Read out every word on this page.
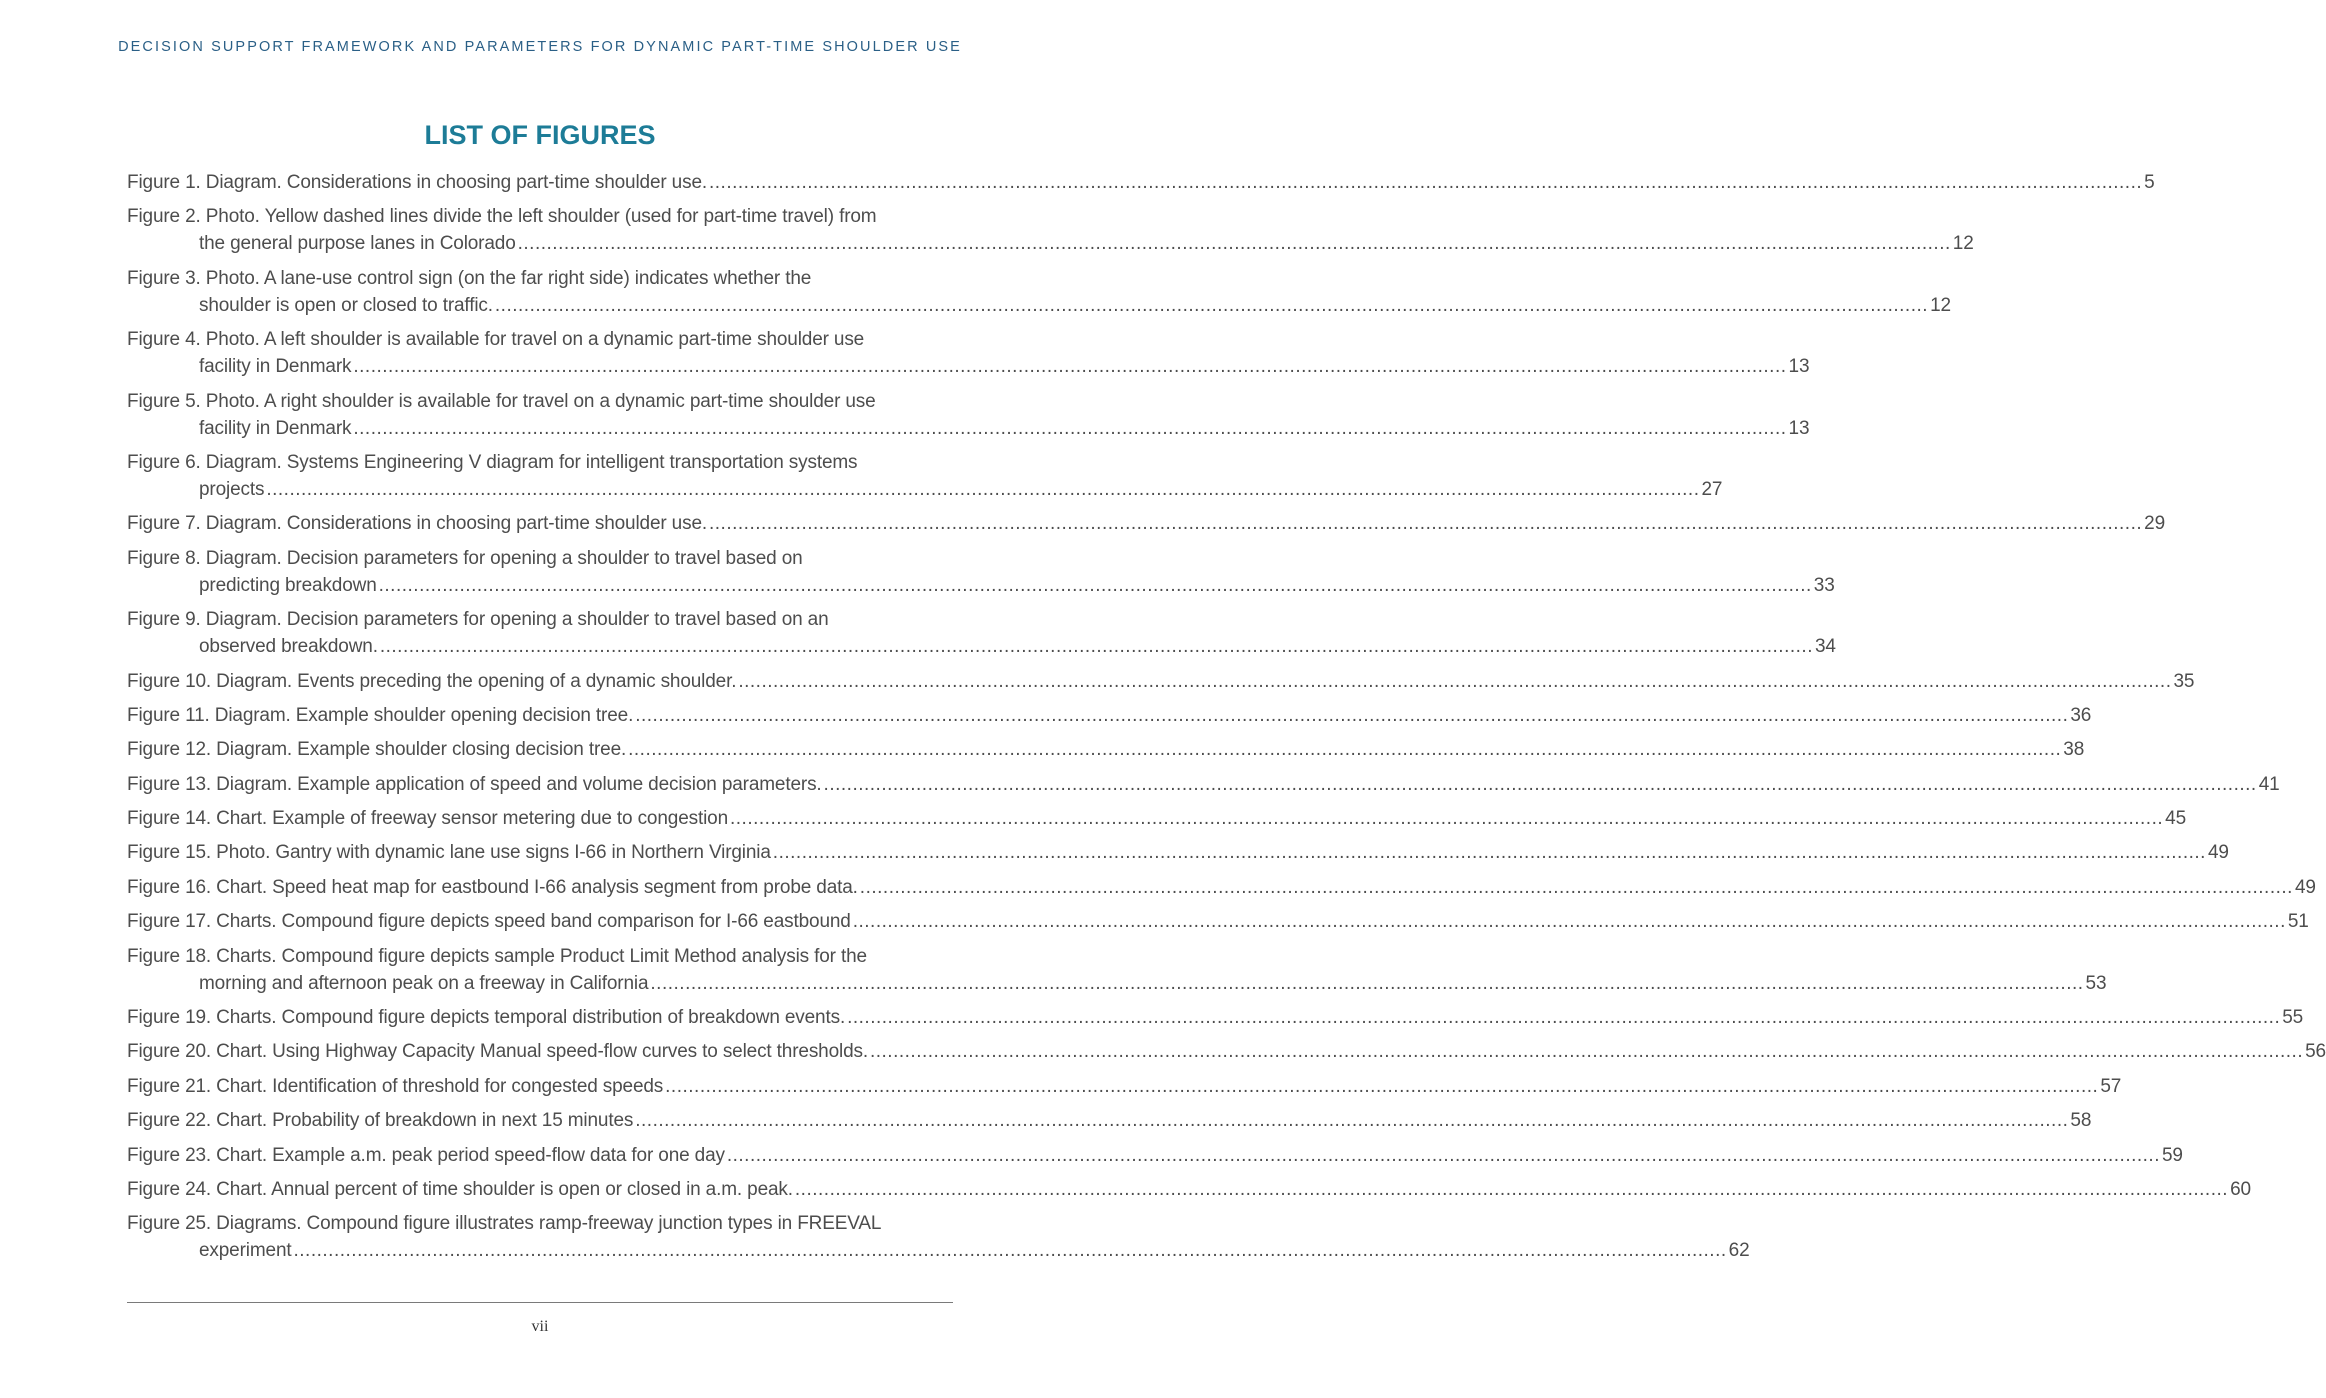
DECISION SUPPORT FRAMEWORK AND PARAMETERS FOR DYNAMIC PART-TIME SHOULDER USE
LIST OF FIGURES
Figure 1. Diagram. Considerations in choosing part-time shoulder use. .....	5
Figure 2. Photo. Yellow dashed lines divide the left shoulder (used for part-time travel) from
the general purpose lanes in Colorado .....	12
Figure 3. Photo. A lane-use control sign (on the far right side) indicates whether the
shoulder is open or closed to traffic. .....	12
Figure 4. Photo. A left shoulder is available for travel on a dynamic part-time shoulder use
facility in Denmark .....	13
Figure 5. Photo. A right shoulder is available for travel on a dynamic part-time shoulder use
facility in Denmark .....	13
Figure 6. Diagram. Systems Engineering V diagram for intelligent transportation systems
projects .....	27
Figure 7. Diagram. Considerations in choosing part-time shoulder use. .....	29
Figure 8. Diagram. Decision parameters for opening a shoulder to travel based on
predicting breakdown .....	33
Figure 9. Diagram. Decision parameters for opening a shoulder to travel based on an
observed breakdown. .....	34
Figure 10. Diagram. Events preceding the opening of a dynamic shoulder. .....	35
Figure 11. Diagram. Example shoulder opening decision tree. .....	36
Figure 12. Diagram. Example shoulder closing decision tree. .....	38
Figure 13. Diagram. Example application of speed and volume decision parameters. .....	41
Figure 14. Chart. Example of freeway sensor metering due to congestion .....	45
Figure 15. Photo. Gantry with dynamic lane use signs I-66 in Northern Virginia .....	49
Figure 16. Chart. Speed heat map for eastbound I-66 analysis segment from probe data. .....	49
Figure 17. Charts. Compound figure depicts speed band comparison for I-66 eastbound .....	51
Figure 18. Charts. Compound figure depicts sample Product Limit Method analysis for the
morning and afternoon peak on a freeway in California .....	53
Figure 19. Charts. Compound figure depicts temporal distribution of breakdown events. .....	55
Figure 20. Chart. Using Highway Capacity Manual speed-flow curves to select thresholds. .....	56
Figure 21. Chart. Identification of threshold for congested speeds .....	57
Figure 22. Chart. Probability of breakdown in next 15 minutes .....	58
Figure 23. Chart. Example a.m. peak period speed-flow data for one day .....	59
Figure 24. Chart. Annual percent of time shoulder is open or closed in a.m. peak. .....	60
Figure 25. Diagrams. Compound figure illustrates ramp-freeway junction types in FREEVAL
experiment .....	62
vii
